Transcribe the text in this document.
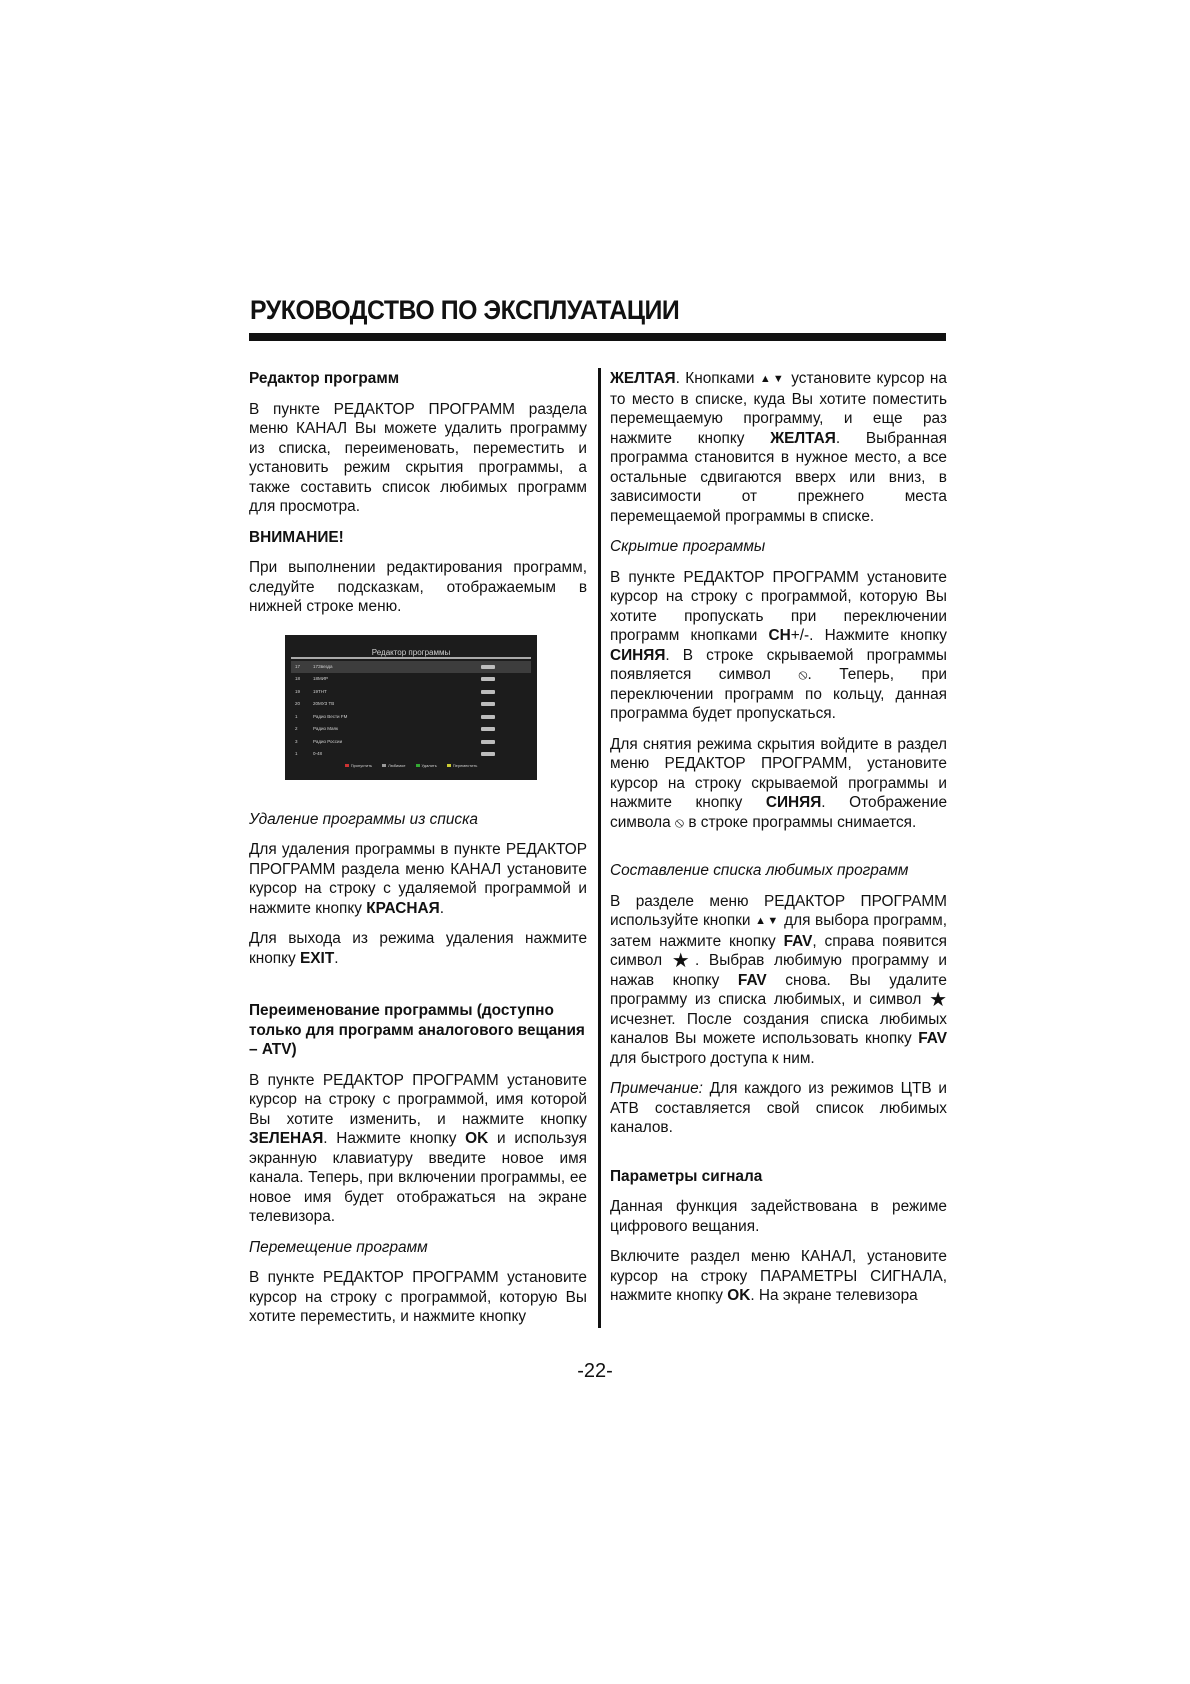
РУКОВОДСТВО ПО ЭКСПЛУАТАЦИИ
Редактор программ

В пункте РЕДАКТОР ПРОГРАММ раздела меню КАНАЛ Вы можете удалить программу из списка, переименовать, переместить и установить режим скрытия программы, а также составить список любимых программ для просмотра.

ВНИМАНИЕ!

При выполнении редактирования программ, следуйте подсказкам, отображаемым в нижней строке меню.

Редактор программы
17	17Звезда
18	18МИР
19	19ТНТ
20	20МУЗ ТВ
1	Радио Вести FM
2	Радио Маяк
3	Радио России
1	0-48
Пропустить	Любимое	Удалить	Переместить
Удаление программы из списка

Для удаления программы в пункте РЕДАКТОР ПРОГРАММ раздела меню КАНАЛ установите курсор на строку с удаляемой программой и нажмите кнопку КРАСНАЯ.

Для выхода из режима удаления нажмите кнопку EXIT.

Переименование программы (доступно только для программ аналогового вещания – ATV)

В пункте РЕДАКТОР ПРОГРАММ установите курсор на строку с программой, имя которой Вы хотите изменить, и нажмите кнопку ЗЕЛЕНАЯ. Нажмите кнопку OK и используя экранную клавиатуру введите новое имя канала. Теперь, при включении программы, ее новое имя будет отображаться на экране телевизора.

Перемещение программ

В пункте РЕДАКТОР ПРОГРАММ установите курсор на строку с программой, которую Вы хотите переместить, и нажмите кнопку

ЖЕЛТАЯ. Кнопками ▲▼ установите курсор на то место в списке, куда Вы хотите поместить перемещаемую программу, и еще раз нажмите кнопку ЖЕЛТАЯ. Выбранная программа становится в нужное место, а все остальные сдвигаются вверх или вниз, в зависимости от прежнего места перемещаемой программы в списке.

Скрытие программы

В пункте РЕДАКТОР ПРОГРАММ установите курсор на строку с программой, которую Вы хотите пропускать при переключении программ кнопками CH+/-. Нажмите кнопку СИНЯЯ. В строке скрываемой программы появляется символ ⦸. Теперь, при переключении программ по кольцу, данная программа будет пропускаться.

Для снятия режима скрытия войдите в раздел меню РЕДАКТОР ПРОГРАММ, установите курсор на строку скрываемой программы и нажмите кнопку СИНЯЯ. Отображение символа ⦸ в строке программы снимается.

Составление списка любимых программ

В разделе меню РЕДАКТОР ПРОГРАММ используйте кнопки ▲▼ для выбора программ, затем нажмите кнопку FAV, справа появится символ ★. Выбрав любимую программу и нажав кнопку FAV снова. Вы удалите программу из списка любимых, и символ ★ исчезнет. После создания списка любимых каналов Вы можете использовать кнопку FAV для быстрого доступа к ним.

Примечание: Для каждого из режимов ЦТВ и АТВ составляется свой список любимых каналов.

Параметры сигнала

Данная функция задействована в режиме цифрового вещания.

Включите раздел меню КАНАЛ, установите курсор на строку ПАРАМЕТРЫ СИГНАЛА, нажмите кнопку OK. На экране телевизора

-22-
